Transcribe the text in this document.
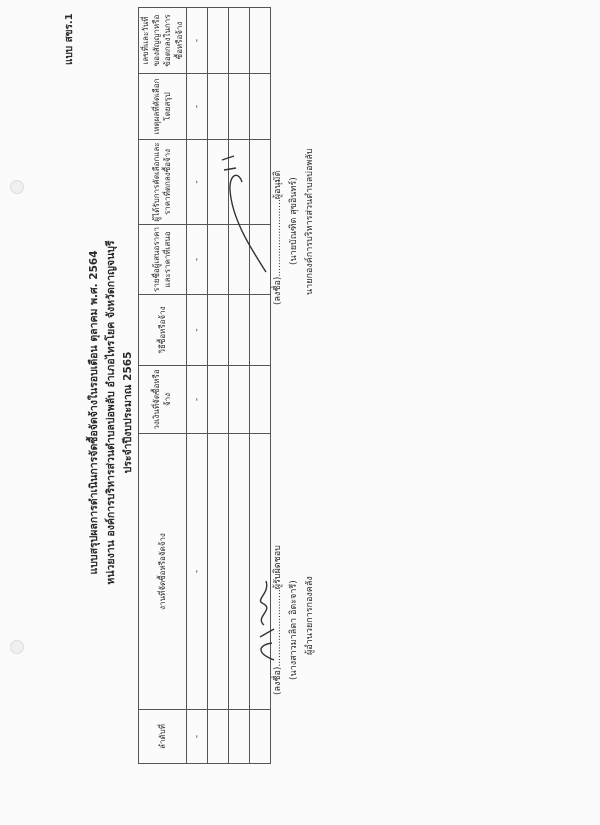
แบบ สขร.1
แบบสรุปผลการดำเนินการจัดซื้อจัดจ้างในรอบเดือน ตุลาคม พ.ศ. 2564 หน่วยงาน องค์การบริหารส่วนตำบลบ่อพลับ อำเภอไทรโยค จังหวัดกาญจนบุรี ประจำปีงบประมาณ 2565
ลำดับที่	งานที่จัดซื้อหรือจัดจ้าง	วงเงินที่จัดซื้อหรือจ้าง	วิธีซื้อหรือจ้าง	รายชื่อผู้เสนอราคาและราคาที่เสนอ	ผู้ได้รับการคัดเลือกและราคาที่ตกลงซื้อจ้าง	เหตุผลที่คัดเลือกโดยสรุป	เลขที่และวันที่ของสัญญาหรือข้อตกลงในการซื้อหรือจ้าง
-	-	-	-	-	-	-	-

(ลงชื่อ)...........................ผู้รับผิดชอบ (นางสาวมาลิดา อิตะจารี) ผู้อำนวยการกองคลัง
(ลงชื่อ)...........................ผู้อนุมัติ (นายบัณฑิต สุขอินทร์) นายกองค์การบริหารส่วนตำบลบ่อพลับ
